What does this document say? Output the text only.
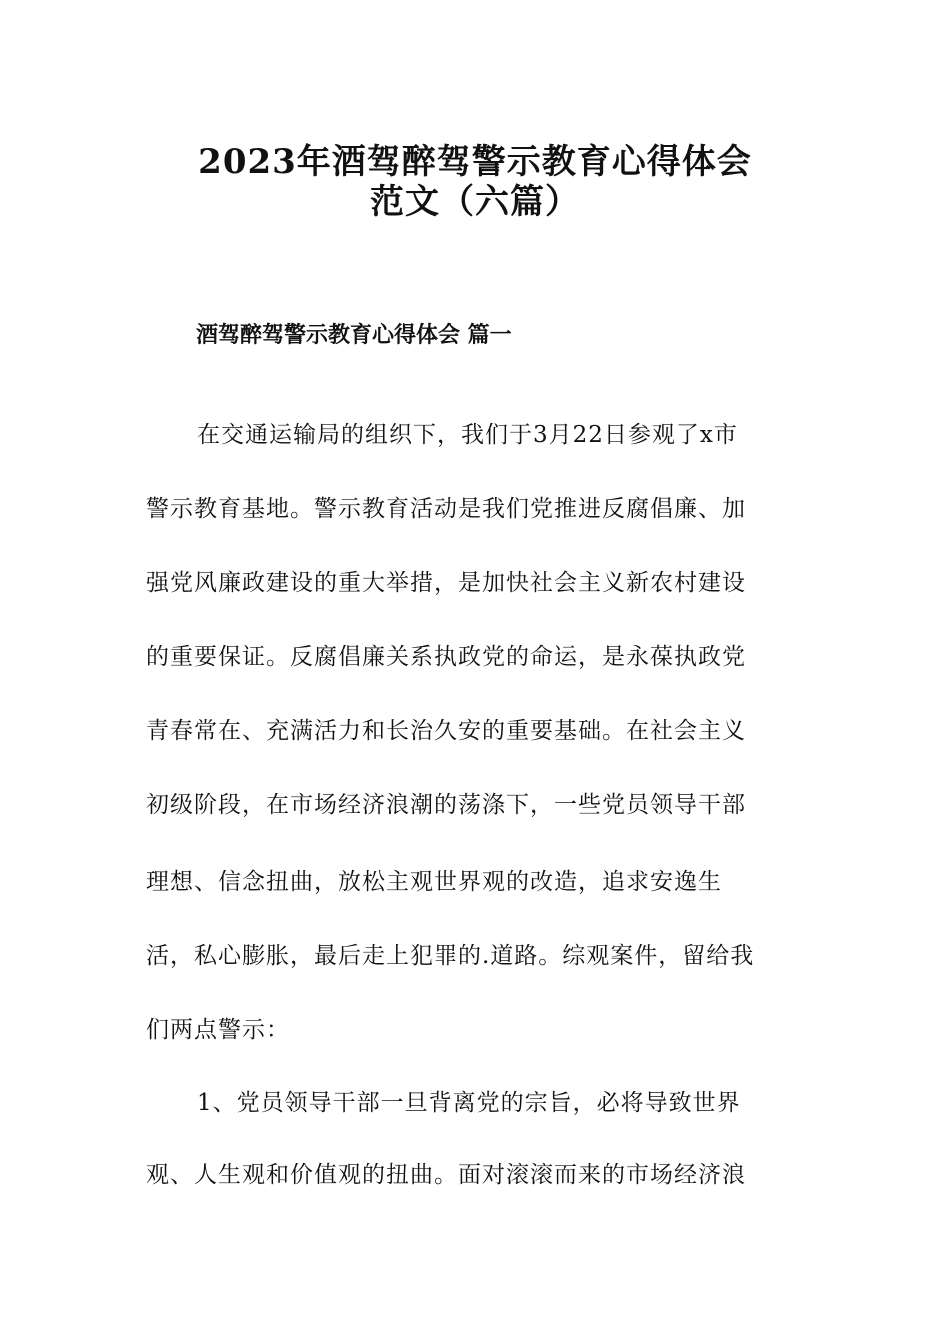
2023年酒驾醉驾警示教育心得体会
范文（六篇）
酒驾醉驾警示教育心得体会 篇一
在交通运输局的组织下，我们于3月22日参观了x市
警示教育基地。警示教育活动是我们党推进反腐倡廉、加
强党风廉政建设的重大举措，是加快社会主义新农村建设
的重要保证。反腐倡廉关系执政党的命运，是永葆执政党
青春常在、充满活力和长治久安的重要基础。在社会主义
初级阶段，在市场经济浪潮的荡涤下，一些党员领导干部
理想、信念扭曲，放松主观世界观的改造，追求安逸生
活，私心膨胀，最后走上犯罪的.道路。综观案件，留给我
们两点警示：
1、党员领导干部一旦背离党的宗旨，必将导致世界
观、人生观和价值观的扭曲。面对滚滚而来的市场经济浪
